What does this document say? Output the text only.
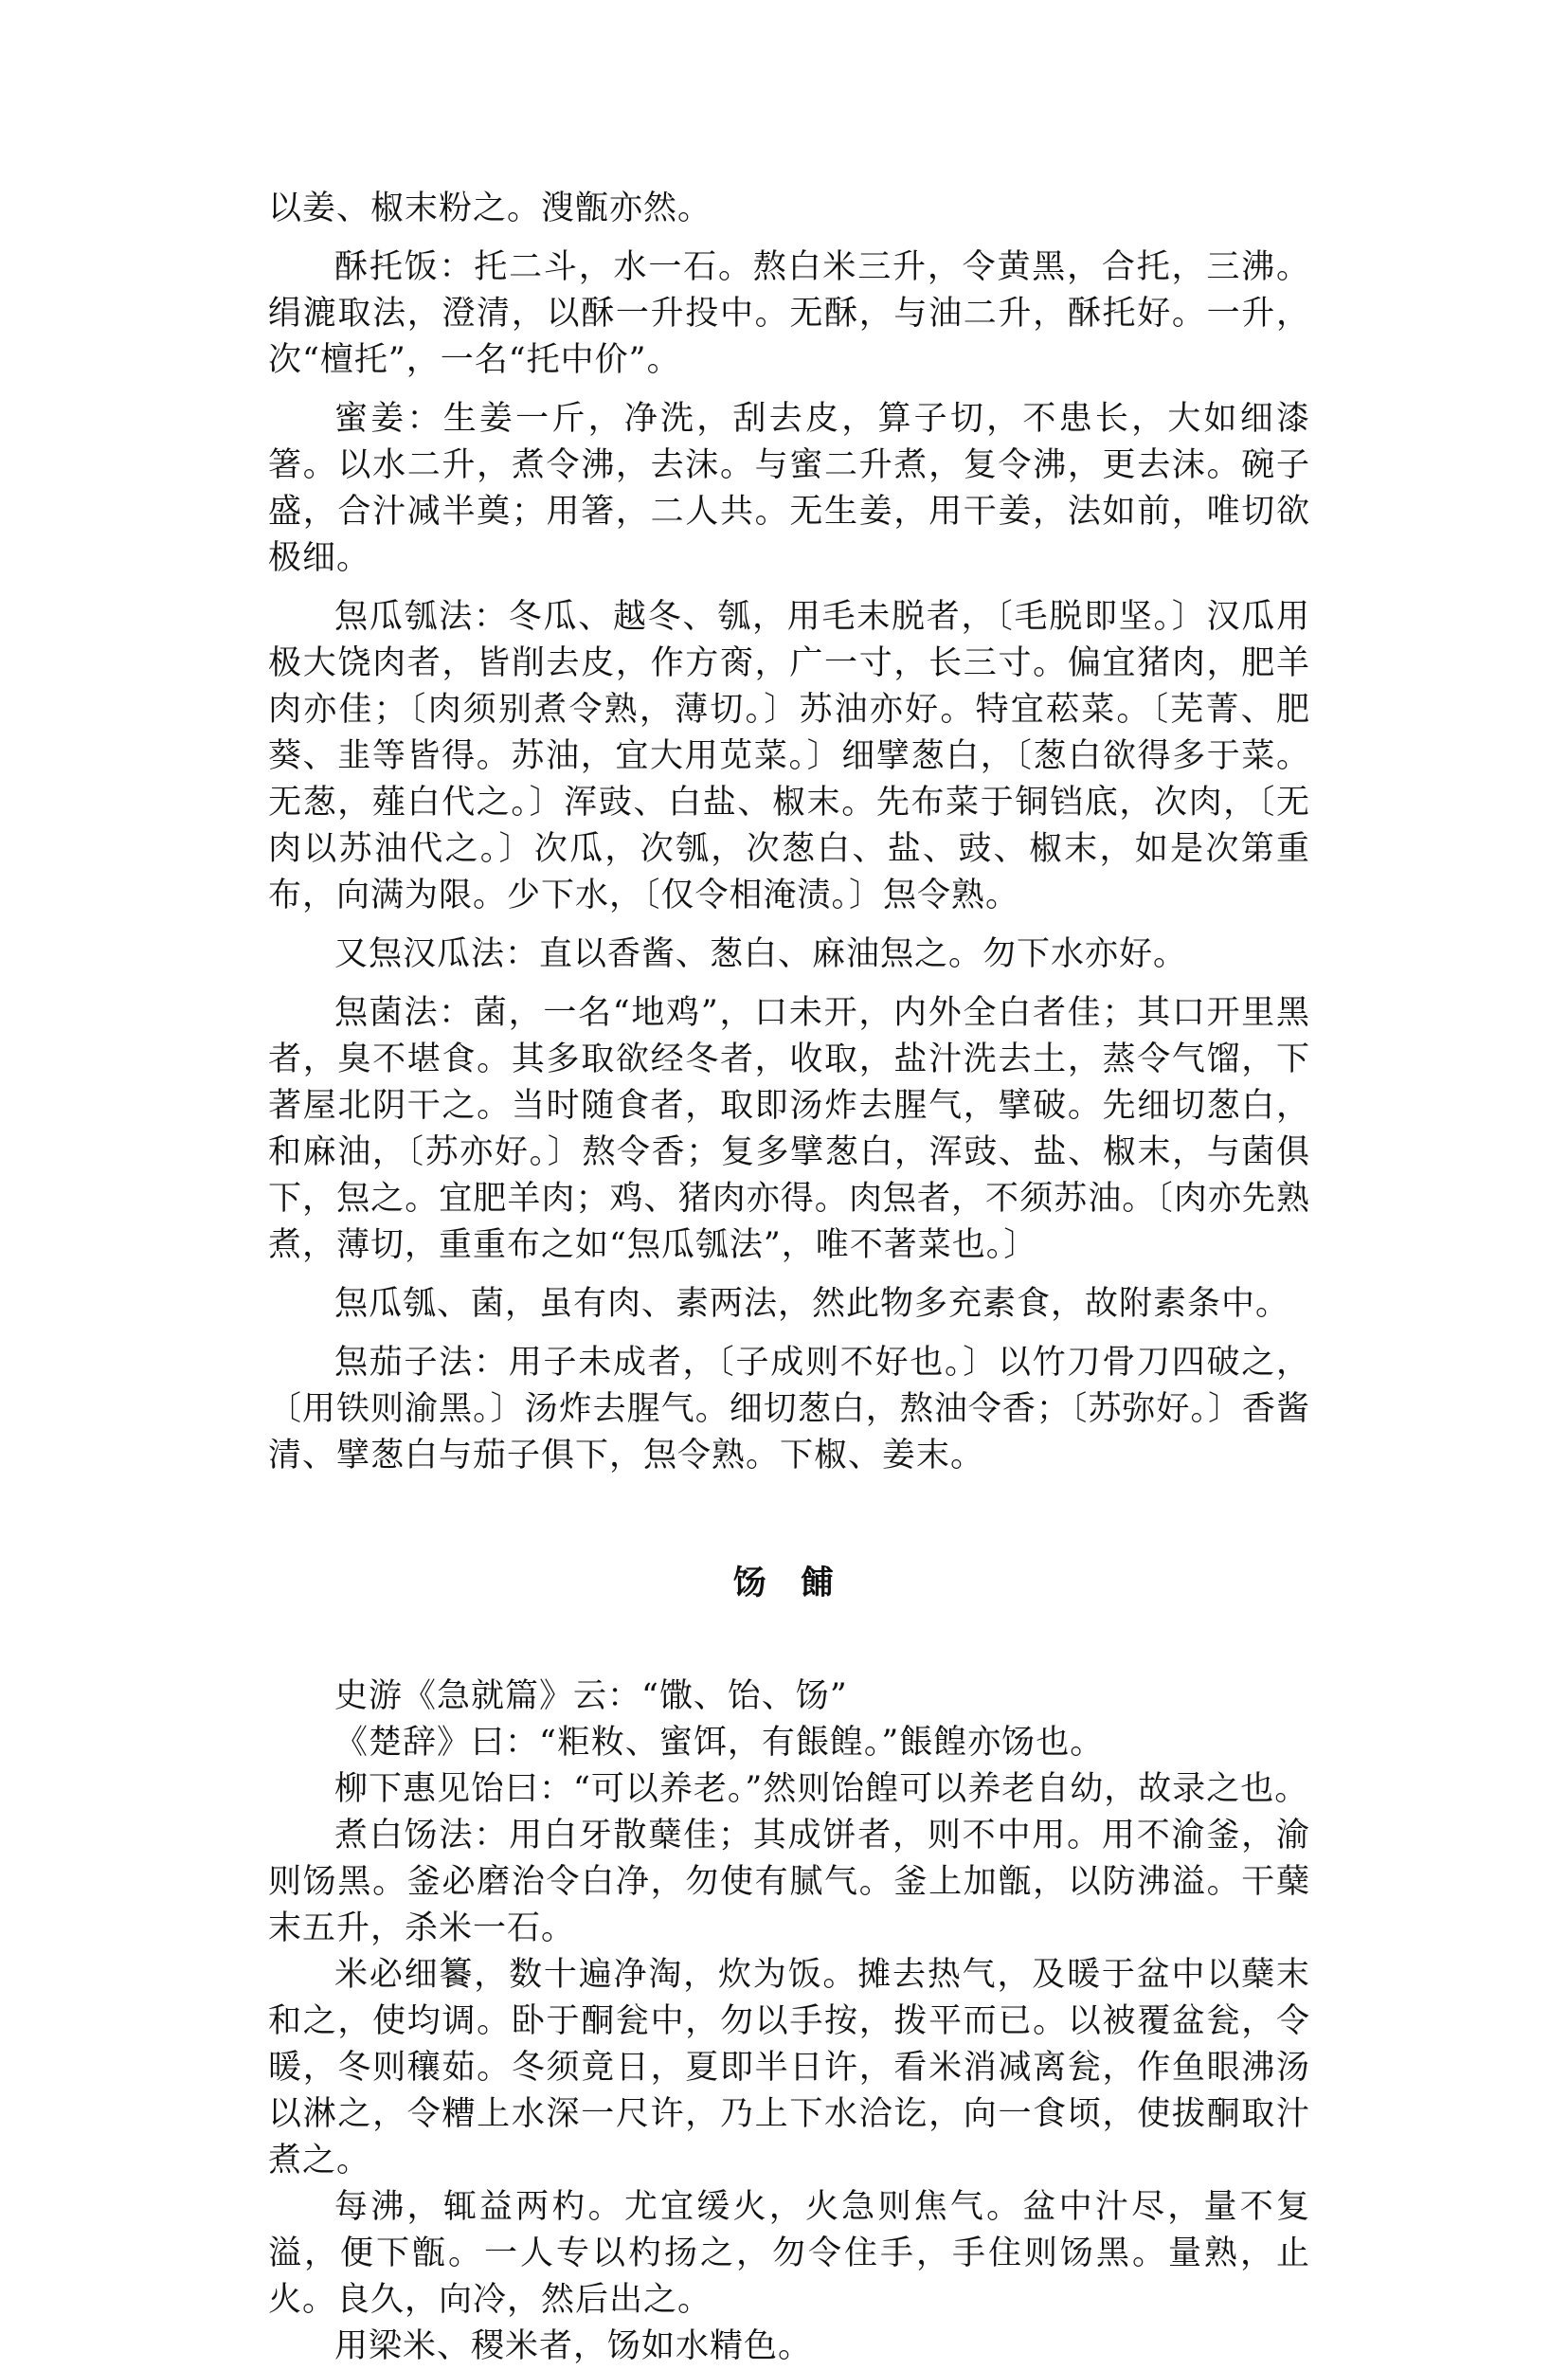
以姜、椒末粉之。溲甑亦然。

酥托饭：托二斗，水一石。熬白米三升，令黄黑，合托，三沸。绢漉取法，澄清，以酥一升投中。无酥，与油二升，酥托好。一升，次“檀托”，一名“托中价”。

蜜姜：生姜一斤，净洗，刮去皮，算子切，不患长，大如细漆箸。以水二升，煮令沸，去沫。与蜜二升煮，复令沸，更去沫。碗子盛，合汁减半奠；用箸，二人共。无生姜，用干姜，法如前，唯切欲极细。

炰瓜瓠法：冬瓜、越冬、瓠，用毛未脱者，〔毛脱即坚。〕汉瓜用极大饶肉者，皆削去皮，作方脔，广一寸，长三寸。偏宜猪肉，肥羊肉亦佳；〔肉须别煮令熟，薄切。〕苏油亦好。特宜菘菜。〔芜菁、肥葵、韭等皆得。苏油，宜大用苋菜。〕细擘葱白，〔葱白欲得多于菜。无葱，薤白代之。〕浑豉、白盐、椒末。先布菜于铜铛底，次肉，〔无肉以苏油代之。〕次瓜，次瓠，次葱白、盐、豉、椒末，如是次第重布，向满为限。少下水，〔仅令相淹渍。〕炰令熟。

又炰汉瓜法：直以香酱、葱白、麻油炰之。勿下水亦好。

炰菌法：菌，一名“地鸡”，口未开，内外全白者佳；其口开里黑者，臭不堪食。其多取欲经冬者，收取，盐汁洗去土，蒸令气馏，下著屋北阴干之。当时随食者，取即汤炸去腥气，擘破。先细切葱白，和麻油，〔苏亦好。〕熬令香；复多擘葱白，浑豉、盐、椒末，与菌俱下，炰之。宜肥羊肉；鸡、猪肉亦得。肉炰者，不须苏油。〔肉亦先熟煮，薄切，重重布之如“炰瓜瓠法”，唯不著菜也。〕

炰瓜瓠、菌，虽有肉、素两法，然此物多充素食，故附素条中。

炰茄子法：用子未成者，〔子成则不好也。〕以竹刀骨刀四破之，〔用铁则渝黑。〕汤炸去腥气。细切葱白，熬油令香；〔苏弥好。〕香酱清、擘葱白与茄子俱下，炰令熟。下椒、姜末。

饧 餔

史游《急就篇》云：“馓、饴、饧”

《楚辞》曰：“粔籹、蜜饵，有餦餭。”餦餭亦饧也。

柳下惠见饴曰：“可以养老。”然则饴餭可以养老自幼，故录之也。

煮白饧法：用白牙散蘖佳；其成饼者，则不中用。用不渝釜，渝则饧黑。釜必磨治令白净，勿使有腻气。釜上加甑，以防沸溢。干蘖末五升，杀米一石。

米必细䉵，数十遍净淘，炊为饭。摊去热气，及暖于盆中以蘖末和之，使均调。卧于酮瓮中，勿以手按，拨平而已。以被覆盆瓮，令暖，冬则穰茹。冬须竟日，夏即半日许，看米消减离瓮，作鱼眼沸汤以淋之，令糟上水深一尺许，乃上下水洽讫，向一食顷，使拔酮取汁煮之。

每沸，辄益两杓。尤宜缓火，火急则焦气。盆中汁尽，量不复溢，便下甑。一人专以杓扬之，勿令住手，手住则饧黑。量熟，止火。良久，向冷，然后出之。

用梁米、稷米者，饧如水精色。
